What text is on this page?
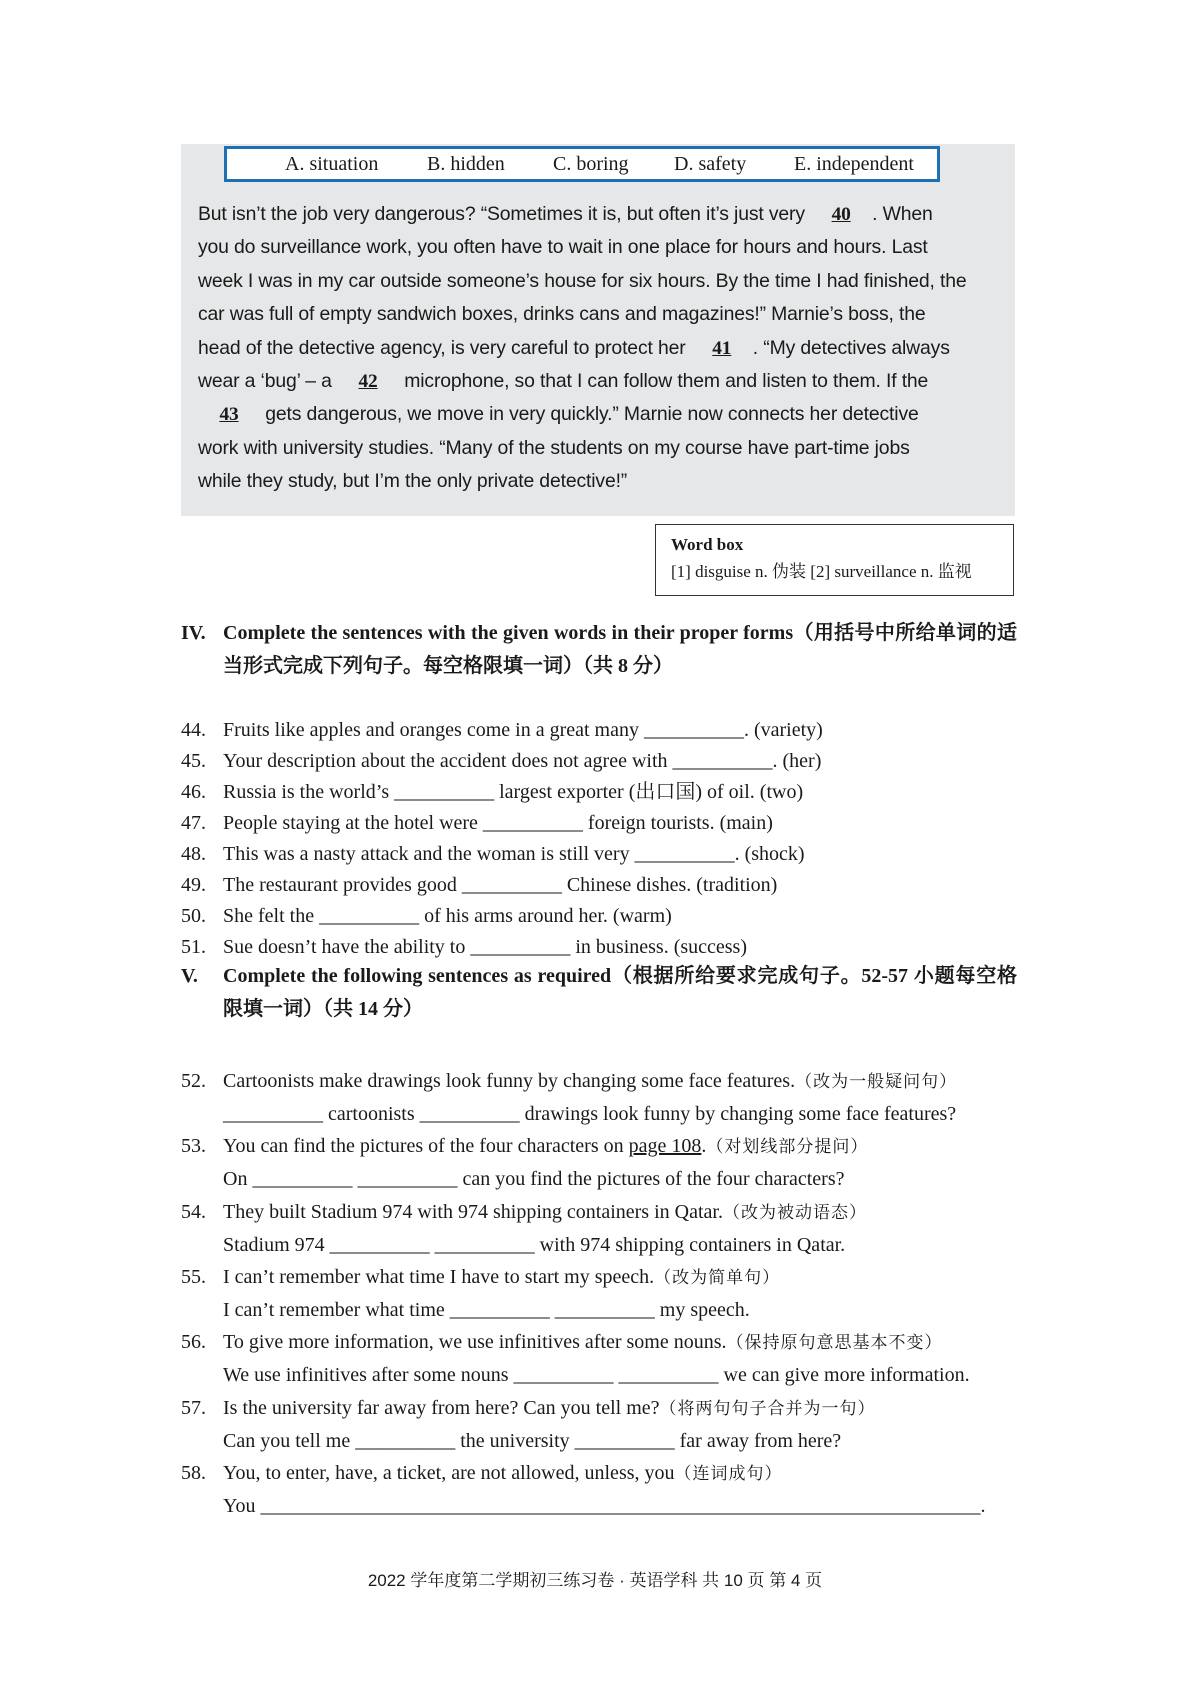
A. situation B. hidden C. boring D. safety E. independent
But isn’t the job very dangerous? “Sometimes it is, but often it’s just very 40 . When
you do surveillance work, you often have to wait in one place for hours and hours. Last
week I was in my car outside someone’s house for six hours. By the time I had finished, the
car was full of empty sandwich boxes, drinks cans and magazines!” Marnie’s boss, the
head of the detective agency, is very careful to protect her 41 . “My detectives always
wear a ‘bug’ – a 42 microphone, so that I can follow them and listen to them. If the
43 gets dangerous, we move in very quickly.” Marnie now connects her detective
work with university studies. “Many of the students on my course have part-time jobs
while they study, but I’m the only private detective!”
Word box
[1] disguise n. 伪装 [2] surveillance n. 监视
IV. Complete the sentences with the given words in their proper forms（用括号中所给单词的适当形式完成下列句子。每空格限填一词）（共 8 分）
44. Fruits like apples and oranges come in a great many __________. (variety)
45. Your description about the accident does not agree with __________. (her)
46. Russia is the world’s __________ largest exporter (出口国) of oil. (two)
47. People staying at the hotel were __________ foreign tourists. (main)
48. This was a nasty attack and the woman is still very __________. (shock)
49. The restaurant provides good __________ Chinese dishes. (tradition)
50. She felt the __________ of his arms around her. (warm)
51. Sue doesn’t have the ability to __________ in business. (success)
V. Complete the following sentences as required（根据所给要求完成句子。52-57 小题每空格限填一词）（共 14 分）
52. Cartoonists make drawings look funny by changing some face features.（改为一般疑问句）
__________ cartoonists __________ drawings look funny by changing some face features?
53. You can find the pictures of the four characters on page 108.（对划线部分提问）
On __________ __________ can you find the pictures of the four characters?
54. They built Stadium 974 with 974 shipping containers in Qatar.（改为被动语态）
Stadium 974 __________ __________ with 974 shipping containers in Qatar.
55. I can’t remember what time I have to start my speech.（改为简单句）
I can’t remember what time __________ __________ my speech.
56. To give more information, we use infinitives after some nouns.（保持原句意思基本不变）
We use infinitives after some nouns __________ __________ we can give more information.
57. Is the university far away from here? Can you tell me?（将两句句子合并为一句）
Can you tell me __________ the university __________ far away from here?
58. You, to enter, have, a ticket, are not allowed, unless, you（连词成句）
You ________________________________________________________________________.
2022 学年度第二学期初三练习卷 · 英语学科 共 10 页 第 4 页
